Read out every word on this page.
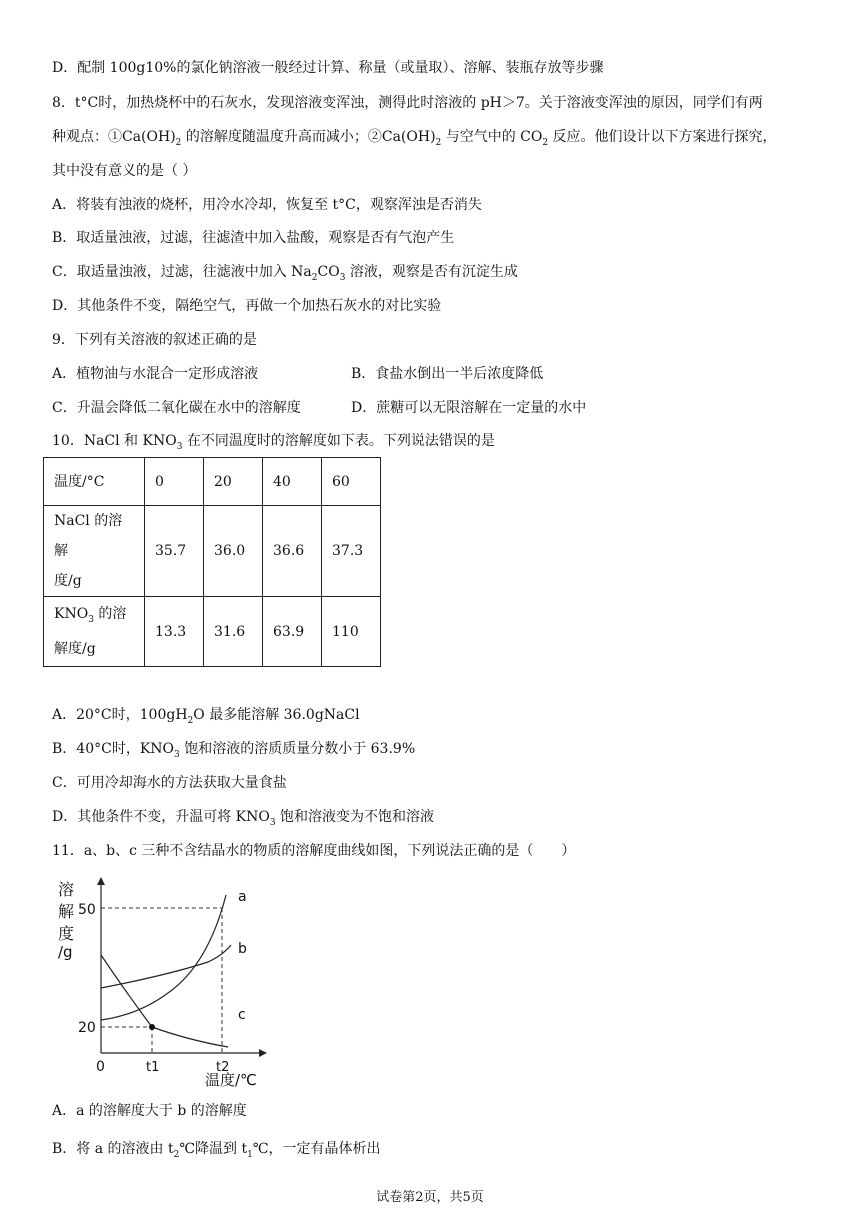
D．配制 100g10%的氯化钠溶液一般经过计算、称量（或量取）、溶解、装瓶存放等步骤
8．t°C时，加热烧杯中的石灰水，发现溶液变浑浊，测得此时溶液的 pH＞7。关于溶液变浑浊的原因，同学们有两
种观点：$①Ca(OH)_2$ 的溶解度随温度升高而减小；$②Ca(OH)_2$ 与空气中的 $CO_2$ 反应。他们设计以下方案进行探究，
其中没有意义的是（ ）
A．将装有浊液的烧杯，用冷水冷却，恢复至 t°C，观察浑浊是否消失
B．取适量浊液，过滤，往滤渣中加入盐酸，观察是否有气泡产生
C．取适量浊液，过滤，往滤液中加入 $Na_2CO_3$ 溶液，观察是否有沉淀生成
D．其他条件不变，隔绝空气，再做一个加热石灰水的对比实验
9．下列有关溶液的叙述正确的是
A．植物油与水混合一定形成溶液	B．食盐水倒出一半后浓度降低
C．升温会降低二氧化碳在水中的溶解度	D．蔗糖可以无限溶解在一定量的水中
10．NaCl 和 $KNO_3$ 在不同温度时的溶解度如下表。下列说法错误的是
温度/°C	0	20	40	60
NaCl 的溶解
度/g	35.7	36.0	36.6	37.3
$KNO_3$ 的溶
解度/g	13.3	31.6	63.9	110
A．20°C时，$100gH_2O$ 最多能溶解 36.0gNaCl
B．40°C时，$KNO_3$ 饱和溶液的溶质质量分数小于 63.9%
C．可用冷却海水的方法获取大量食盐
D．其他条件不变，升温可将 $KNO_3$ 饱和溶液变为不饱和溶液
11．a、b、c 三种不含结晶水的物质的溶解度曲线如图，下列说法正确的是（　　）
溶
解
度
/g
50
20
a
b
c
0	t1	t2
温度/℃
A．a 的溶解度大于 b 的溶解度
B．将 a 的溶液由 $t_2℃$降温到 $t_1℃$，一定有晶体析出
试卷第2页，共5页
